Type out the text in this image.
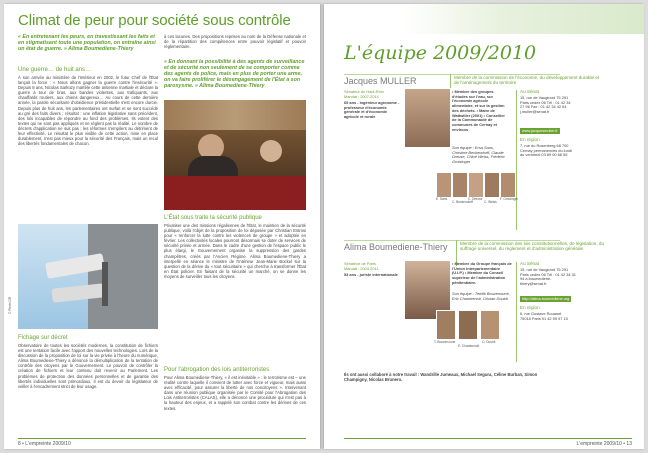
Climat de peur pour société sous contrôle
« En entretenant les peurs, en travestissant les faits et en stigmatisant toute une population, on entraîne ainsi un état de guerre. » Alima Boumediene-Thiery
Une guerre… de huit ans…
À son arrivée au ministère de l'Intérieur en 2002, le futur Chef de l'État lançait la force : « Nous allons gagner la guerre contre l'insécurité ». Depuis 8 ans, Nicolas Sarkozy martèle cette antienne martiale et déclare la guerre à tour de bras, aux bandes violentes, aux trafiquants, aux chauffards routiers, aux chiens dangereux… Au cours de cette dernière année, la parole sécuritaire d'obédience présidentielle s'est encore durcie. Depuis plus de huit ans, les parlementaires ont surfait et se sont succédé au gré des faits divers ; résultat : une inflation législative sans précédent, des lois incapables de répondre au fond des problèmes. Ils votent des textes qui ne sont pas appliqués et ne règlent pas la réalité. Le nombre de décrets d'application ne suit pas ; les réformes s'empilent au détriment de leur effectivité. Le résultat le plus visible de cette action, mise en place durablement, n'est pas mieux pour la sécurité des Français, mais un recul des libertés fondamentales de chacun.
à ces lacunes. Des propositions reprises au nom de la Défense nationale et de la répartition des compétences entre pouvoir législatif et pouvoir réglementaire.
« En donnant la possibilité à des agents de surveillance et de sécurité non seulement de se comporter comme des agents de police, mais en plus de porter une arme, on va faire proliférer le désengagement de l'État à son paroxysme. » Alima Boumediene-Thiery
L'État sous traite la sécurité publique
Privatiser une des missions régaliennes de l'État, le maintien de la sécurité publique, voilà l'objet de la proposition de loi déposée par Christian Estrosi pour « renforcer la lutte contre les violences de groupe » et adoptée en février. Les collectivités locales pourront désormais se doter de services de sécurité privée et armée. Dans le cadre d'une gestion de l'espace public le plus élargi, le Gouvernement organise la suppression des gardes champêtres, créés par l'Ancien Régime. Alima Boumediene-Thiery a interpellé en séance le ministre de l'Intérieur Jean-Marie Bockel sur la question de la dérive du « tout sécuritaire » qui cherche à transformer l'État en État policier. En faisant de la sécurité un marché, on se donne les moyens de surveiller tous les citoyens.
© Photo DR
Fichage sur décret
Observatoire de toutes les sociétés modernes, la constitution de fichiers est une tentation facile avec l'apport des nouvelles technologies. Lors de la discussion de la proposition de loi sur la vie privée à l'heure du numérique, Alima Boumediene-Thiery a dénoncé la démultiplication de la tentation de contrôle des citoyens par le Gouvernement. Le pouvoir de contrôler la création de fichiers et leur contenu doit revenir au Parlement. Les problèmes de protection des données personnelles et de garantie des libertés individuelles sont primordiaux. Il est du devoir du législateur de veiller à l'encadrement strict de leur usage.
Pour l'abrogation des lois antiterroristes
Pour Alima Boumediene-Thiery, « il est inévitable » : le terrorisme est – une réalité contre laquelle il convient de lutter avec force et vigueur, mais aussi avec efficacité, pour assurer la liberté de nos concitoyens ». Intervenant dans une réunion publique organisée par le Comité pour l'Abrogation des Lois Antiterroristes (CALAS), elle a dénoncé une procédure qui n'est pas à la hauteur des enjeux, et a rappelé son combat contre les dérives de ces textes.
8 • L'empreinte 2009/10
L'équipe 2009/2010
Jacques MULLER	Membre de la commission de l'économie, du développement durable et de l'aménagement du territoire
Sénateur du Haut-Rhin
Mandat : 2007-2014
65 ans - ingénieur agronome - professeur d'économie générale et d'économie agricole et rurale
• Membre des groupes d'études sur l'eau, sur l'économie agricole alimentaire, et sur la gestion des déchets. • Maire de Wattwiller (2001) • Conseiller de la Communauté de communes de Cernay et environs
Son équipe : Ersa Sans, Christine Beckendorff, Claude Dreuse, Chloé Weiss, Frédéric Grotzinger
Au Sénat
15, rue de Vaugirard 75 291 Paris cedex 06 Tél : 01 42 34 27 96 Fax : 01 42 34 42 64 j.muller@senat.fr
www.jacquesmuller.fr
En région
7, rue du Rosenberg 68 700 Cernay permanences du lundi au vendredi 03 89 00 68 55
E. Sans
C. Beckendorff
C. Dreuse
C. Weiss
F. Grotzinger
Alima Boumediene-Thiery	Membre de la commission des lois constitutionnelles, de législation, du suffrage universel, du règlement et d'administration générale
Sénatrice de Paris
Mandat : 2004-2011
53 ans - juriste internationale
• Membre du Groupe français de l'Union Interparlementaire (U.I.P.) • Membre du Conseil supérieur de l'administration pénitentiaire.
Son équipe : Tewfik Bouzenoune, Eric Chambenoit, Oïsnan Douidi.
Au Sénat
15, rue de Vaugirard 75 291 Paris cedex 06 Tél : 01 42 34 31 94 a.boumediene-thiery@senat.fr
http://alima-boumediene.org
En région
6, rue Gustave Rouanet 75018 Paris 01 42 59 97 15
T. Bouzenoune
E. Chambenoit
O. Douidi
Ils ont aussi collaboré à notre travail : Wandrille Jumeaux, Michael Segura, Céline Burban, Simon Champigny, Nicolas Brunero.
L'empreinte 2009/10 • 13
